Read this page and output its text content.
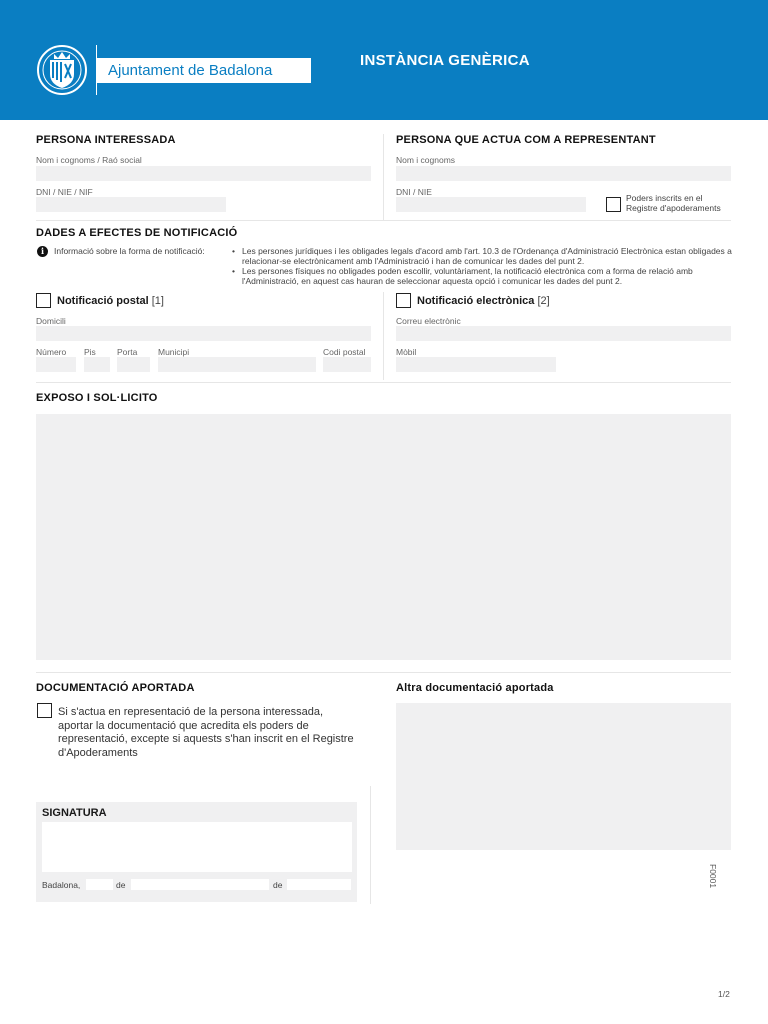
Ajuntament de Badalona
INSTÀNCIA GENÈRICA
PERSONA INTERESSADA
Nom i cognoms / Raó social
DNI / NIE / NIF
PERSONA QUE ACTUA COM A REPRESENTANT
Nom i cognoms
DNI / NIE
Poders inscrits en el
Registre d'apoderaments
DADES A EFECTES DE NOTIFICACIÓ
i	Informació sobre la forma de notificació:
•	Les persones jurídiques i les obligades legals d'acord amb l'art. 10.3 de l'Ordenança d'Administració Electrònica estan obligades a relacionar-se electrònicament amb l'Administració i han de comunicar les dades del punt 2.
• Les persones físiques no obligades poden escollir, voluntàriament, la notificació electrònica com a forma de relació amb l'Administració, en aquest cas hauran de seleccionar aquesta opció i comunicar les dades del punt 2.
Notificació postal [1]
Domicili
Número Pis Porta Municipi	Codi postal
Notificació electrònica [2]
Correu electrònic
Mòbil
EXPOSO I SOL·LICITO
DOCUMENTACIÓ APORTADA
Si s'actua en representació de la persona interessada, aportar la documentació que acredita els poders de representació, excepte si aquests s'han inscrit en el Registre d'Apoderaments
Altra documentació aportada
SIGNATURA
Badalona,	de	de	F0001
1/2
